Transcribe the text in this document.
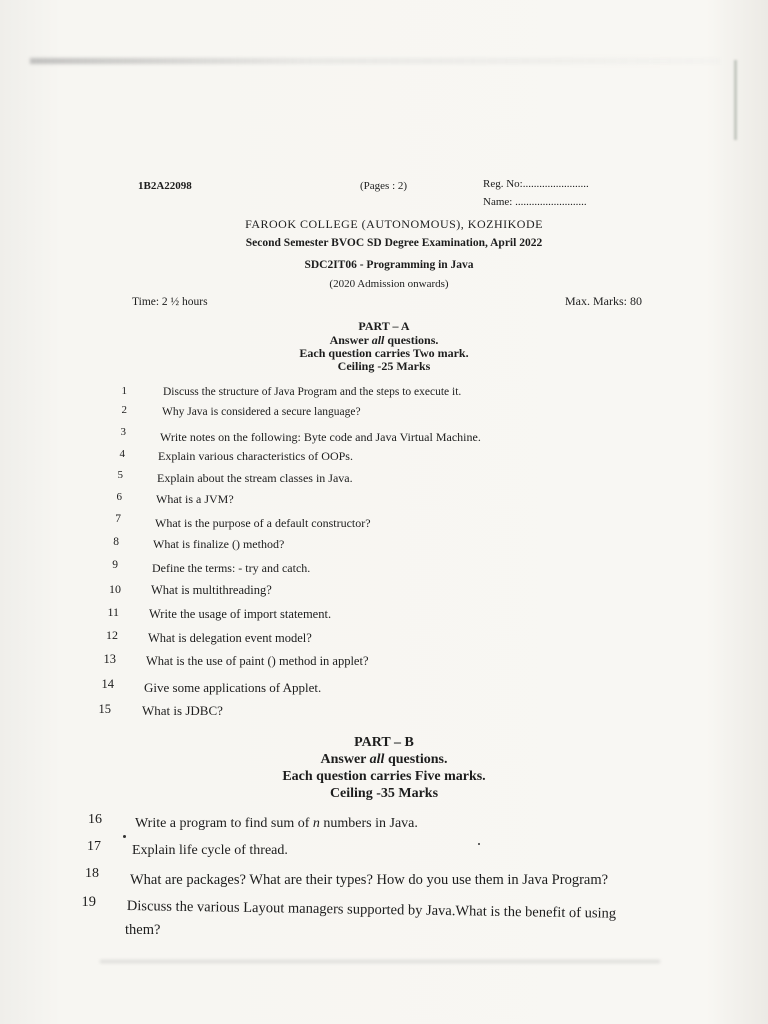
1B2A22098	(Pages : 2)	Reg. No:........................
Name: ..........................
FAROOK COLLEGE (AUTONOMOUS), KOZHIKODE
Second Semester BVOC SD Degree Examination, April 2022
SDC2IT06 - Programming in Java
(2020 Admission onwards)
Time: 2 ½ hours	Max. Marks: 80
PART – A
Answer all questions.
Each question carries Two mark.
Ceiling -25 Marks
1	Discuss the structure of Java Program and the steps to execute it.
2	Why Java is considered a secure language?
3	Write notes on the following: Byte code and Java Virtual Machine.
4	Explain various characteristics of OOPs.
5	Explain about the stream classes in Java.
6	What is a JVM?
7	What is the purpose of a default constructor?
8	What is finalize () method?
9	Define the terms: - try and catch.
10 What is multithreading?
11 Write the usage of import statement.
12 What is delegation event model?
13 What is the use of paint () method in applet?
14 Give some applications of Applet.
15 What is JDBC?
PART – B
Answer all questions.
Each question carries Five marks.
Ceiling -35 Marks
16 Write a program to find sum of n numbers in Java.
17 Explain life cycle of thread.
18 What are packages? What are their types? How do you use them in Java Program?
19 Discuss the various Layout managers supported by Java.What is the benefit of using
them?
